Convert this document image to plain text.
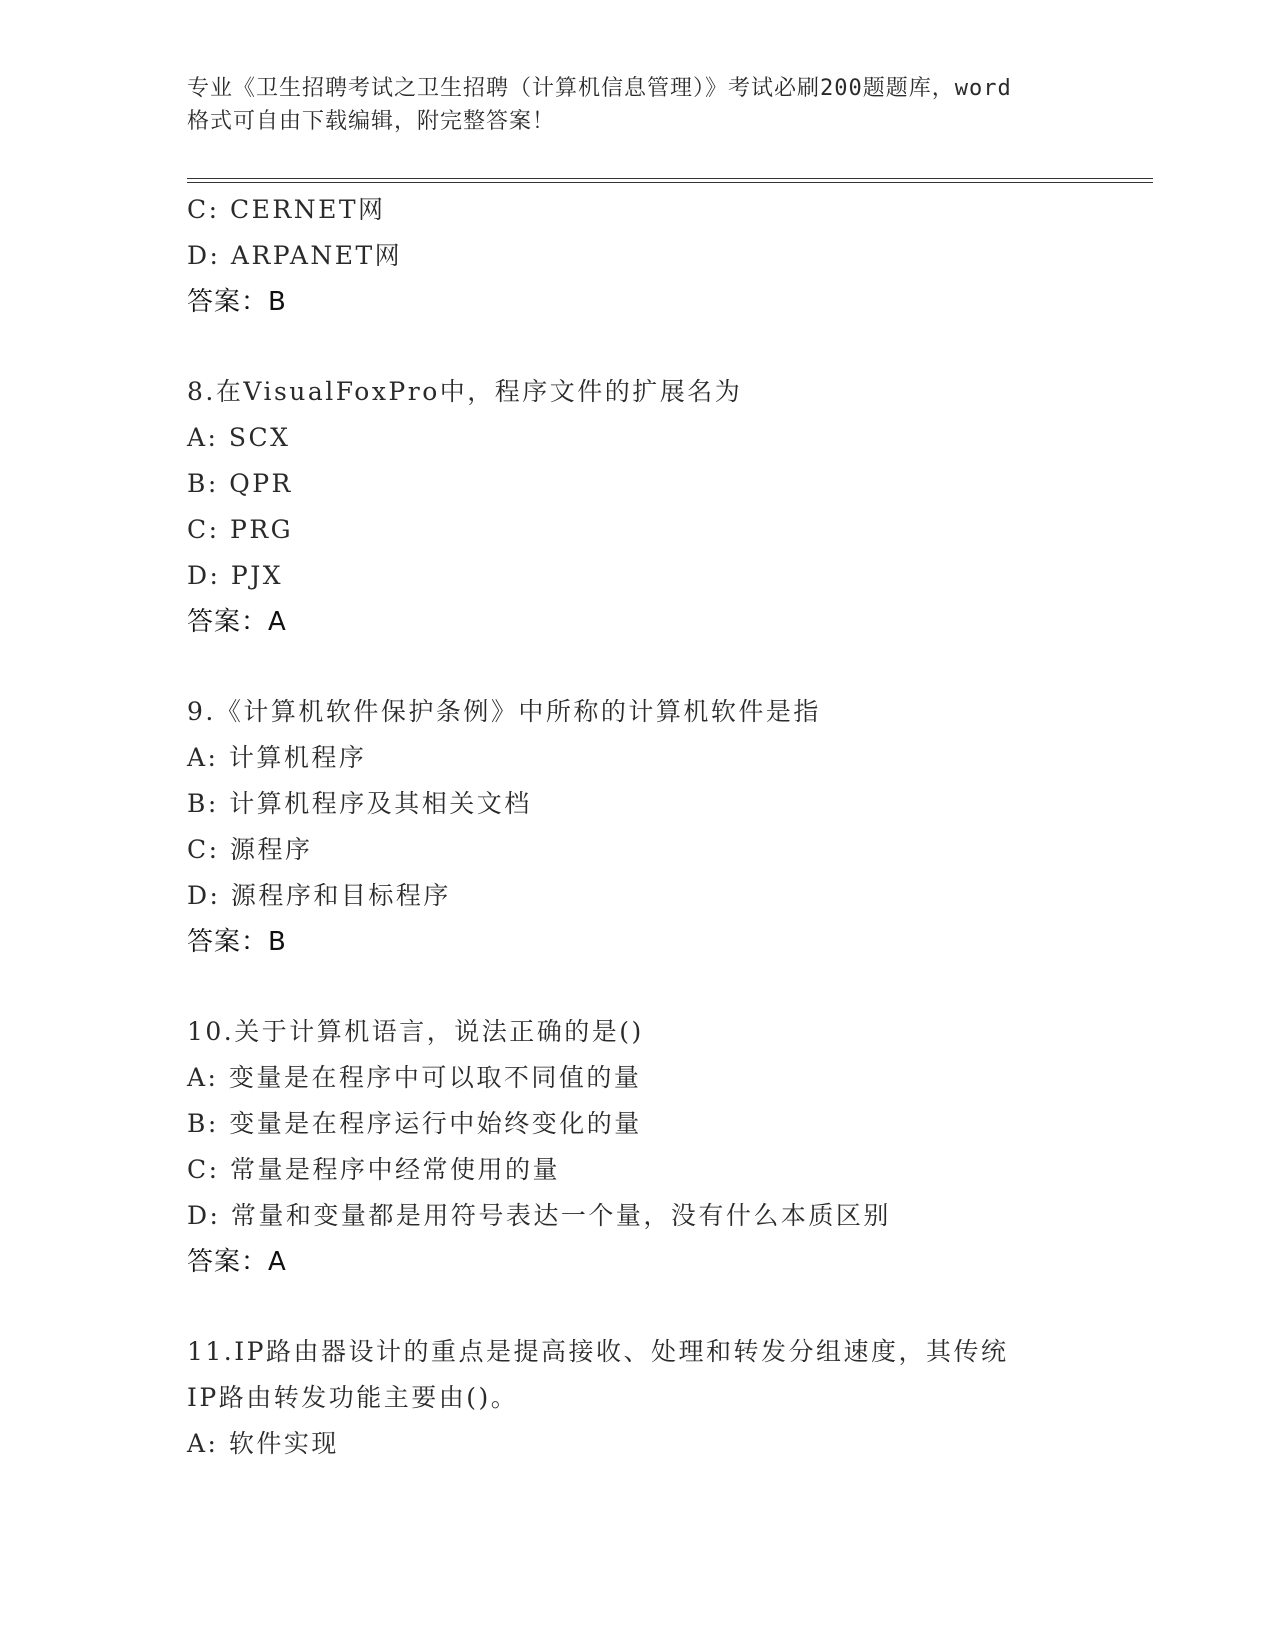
专业《卫生招聘考试之卫生招聘（计算机信息管理）》考试必刷200题题库，word
格式可自由下载编辑，附完整答案！
C: CERNET网
D: ARPANET网
答案：B
8.在VisualFoxPro中，程序文件的扩展名为
A: SCX
B: QPR
C: PRG
D: PJX
答案：A
9.《计算机软件保护条例》中所称的计算机软件是指
A: 计算机程序
B: 计算机程序及其相关文档
C: 源程序
D: 源程序和目标程序
答案：B
10.关于计算机语言，说法正确的是()
A: 变量是在程序中可以取不同值的量
B: 变量是在程序运行中始终变化的量
C: 常量是程序中经常使用的量
D: 常量和变量都是用符号表达一个量，没有什么本质区别
答案：A
11.IP路由器设计的重点是提高接收、处理和转发分组速度，其传统
IP路由转发功能主要由()。
A: 软件实现
